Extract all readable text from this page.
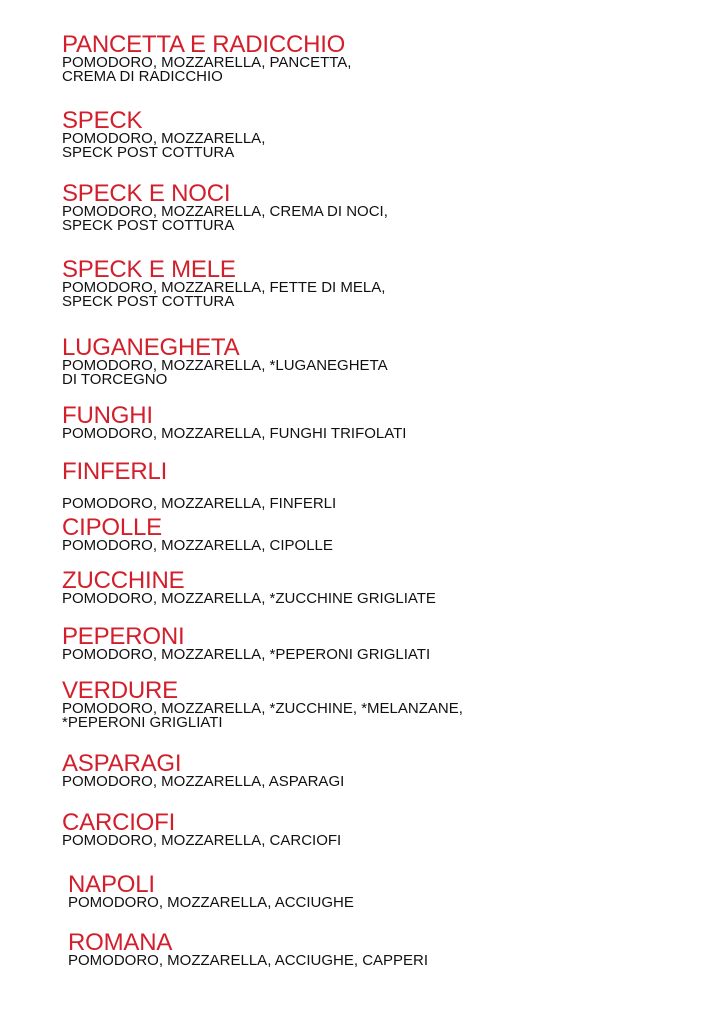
PANCETTA E RADICCHIO
POMODORO, MOZZARELLA, PANCETTA,
CREMA DI RADICCHIO
SPECK
POMODORO, MOZZARELLA,
SPECK POST COTTURA
SPECK E NOCI
POMODORO, MOZZARELLA, CREMA DI NOCI,
SPECK POST COTTURA
SPECK E MELE
POMODORO, MOZZARELLA, FETTE DI MELA,
SPECK POST COTTURA
LUGANEGHETA
POMODORO, MOZZARELLA, *LUGANEGHETA
DI TORCEGNO
FUNGHI
POMODORO, MOZZARELLA, FUNGHI TRIFOLATI
FINFERLI
POMODORO, MOZZARELLA, FINFERLI
CIPOLLE
POMODORO, MOZZARELLA, CIPOLLE
ZUCCHINE
POMODORO, MOZZARELLA, *ZUCCHINE GRIGLIATE
PEPERONI
POMODORO, MOZZARELLA, *PEPERONI GRIGLIATI
VERDURE
POMODORO, MOZZARELLA, *ZUCCHINE, *MELANZANE,
*PEPERONI GRIGLIATI
ASPARAGI
POMODORO, MOZZARELLA, ASPARAGI
CARCIOFI
POMODORO, MOZZARELLA, CARCIOFI
NAPOLI
POMODORO, MOZZARELLA, ACCIUGHE
ROMANA
POMODORO, MOZZARELLA, ACCIUGHE, CAPPERI
